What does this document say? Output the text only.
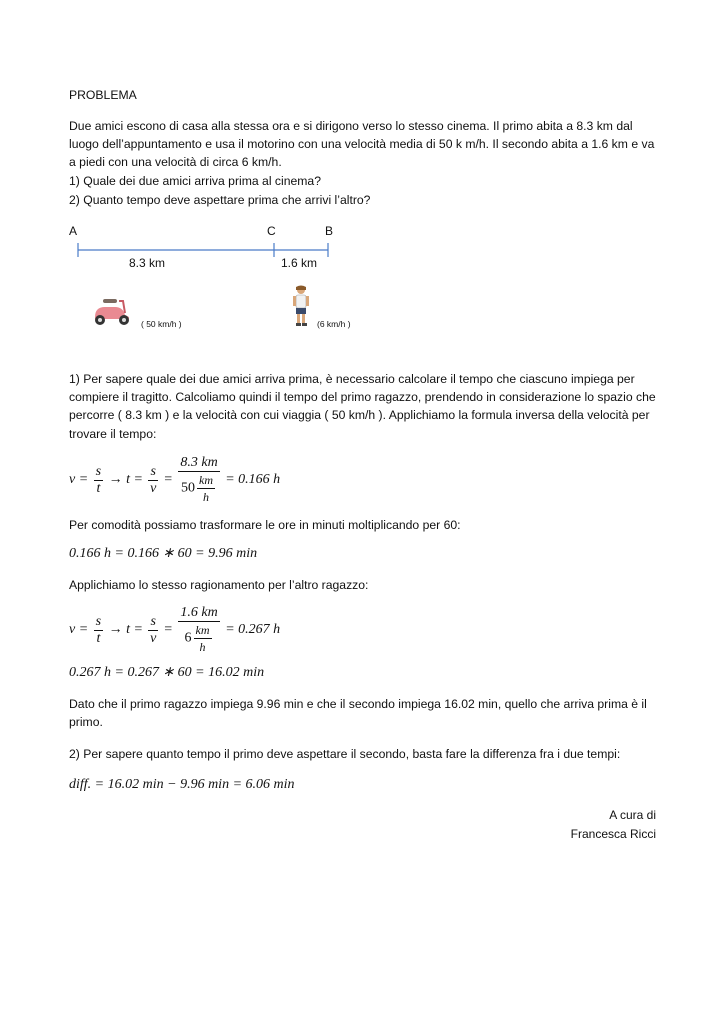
PROBLEMA

Due amici escono di casa alla stessa ora e si dirigono verso lo stesso cinema. Il primo abita a 8.3 km dal luogo dell’appuntamento e usa il motorino con una velocità media di 50 k m/h. Il secondo abita a 1.6 km e va a piedi con una velocità di circa 6 km/h.

1) Quale dei due amici arriva prima al cinema?

2) Quanto tempo deve aspettare prima che arrivi l’altro?

A	C	B
8.3 km	1.6 km
( 50 km/h )	(6 km/h )

1) Per sapere quale dei due amici arriva prima, è necessario calcolare il tempo che ciascuno impiega per compiere il tragitto. Calcoliamo quindi il tempo del primo ragazzo, prendendo in considerazione lo spazio che percorre ( 8.3 km ) e la velocità con cui viaggia ( 50 km/h ). Applichiamo la formula inversa della velocità per trovare il tempo:

$v = \frac{s}{t} \to t = \frac{s}{v} = \frac{8.3 km}{50 \frac{km}{h}} = 0.166$ h

Per comodità possiamo trasformare le ore in minuti moltiplicando per 60:

0.166 h = 0.166 ∗ 60 = 9.96 min

Applichiamo lo stesso ragionamento per l’altro ragazzo:

$v = \frac{s}{t} \to t = \frac{s}{v} = \frac{1.6 km}{6 \frac{km}{h}} = 0.267$ h

0.267 h = 0.267 ∗ 60 = 16.02 min

Dato che il primo ragazzo impiega 9.96 min e che il secondo impiega 16.02 min, quello che arriva prima è il primo.

2) Per sapere quanto tempo il primo deve aspettare il secondo, basta fare la differenza fra i due tempi:

diff. = 16.02 min − 9.96 min = 6.06 min

A cura di
Francesca Ricci
